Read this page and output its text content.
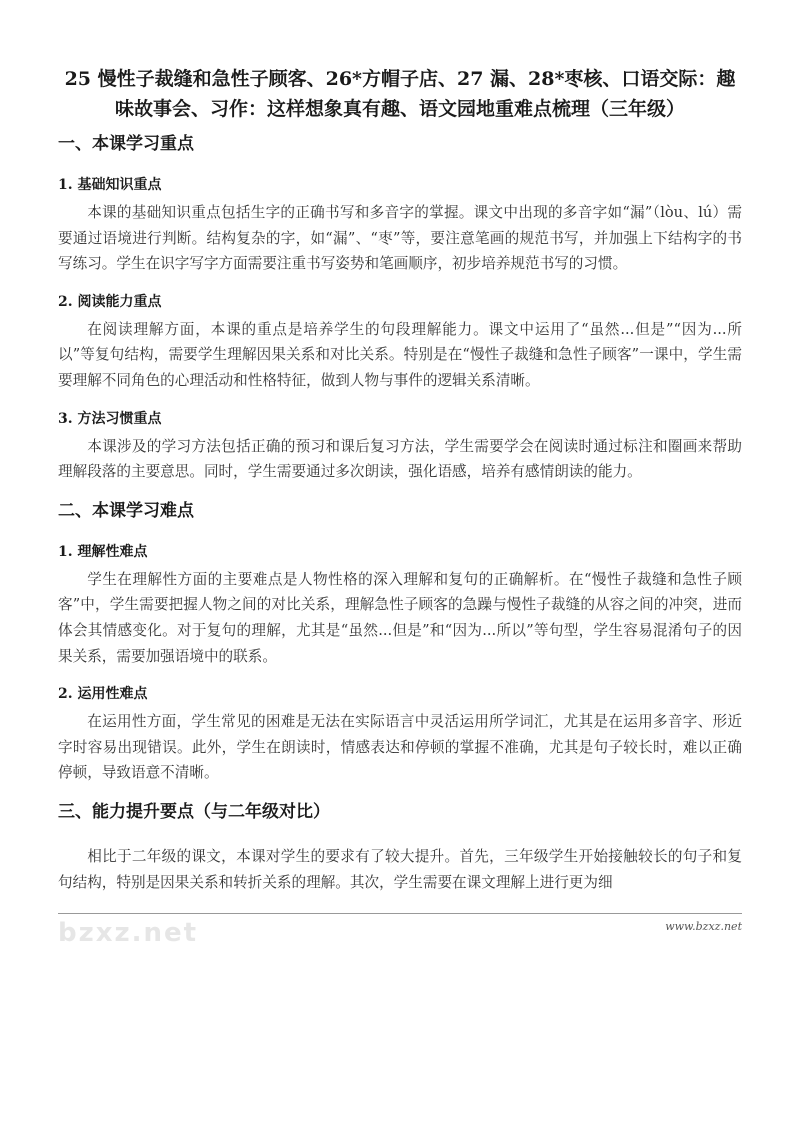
25 慢性子裁缝和急性子顾客、26*方帽子店、27 漏、28*枣核、口语交际：趣味故事会、习作：这样想象真有趣、语文园地重难点梳理（三年级）
一、本课学习重点
1. 基础知识重点
本课的基础知识重点包括生字的正确书写和多音字的掌握。课文中出现的多音字如“漏”（lòu、lú）需要通过语境进行判断。结构复杂的字，如“漏”、“枣”等，要注意笔画的规范书写，并加强上下结构字的书写练习。学生在识字写字方面需要注重书写姿势和笔画顺序，初步培养规范书写的习惯。
2. 阅读能力重点
在阅读理解方面，本课的重点是培养学生的句段理解能力。课文中运用了“虽然...但是”“因为...所以”等复句结构，需要学生理解因果关系和对比关系。特别是在“慢性子裁缝和急性子顾客”一课中，学生需要理解不同角色的心理活动和性格特征，做到人物与事件的逻辑关系清晰。
3. 方法习惯重点
本课涉及的学习方法包括正确的预习和课后复习方法，学生需要学会在阅读时通过标注和圈画来帮助理解段落的主要意思。同时，学生需要通过多次朗读，强化语感，培养有感情朗读的能力。
二、本课学习难点
1. 理解性难点
学生在理解性方面的主要难点是人物性格的深入理解和复句的正确解析。在“慢性子裁缝和急性子顾客”中，学生需要把握人物之间的对比关系，理解急性子顾客的急躁与慢性子裁缝的从容之间的冲突，进而体会其情感变化。对于复句的理解，尤其是“虽然...但是”和“因为...所以”等句型，学生容易混淆句子的因果关系，需要加强语境中的联系。
2. 运用性难点
在运用性方面，学生常见的困难是无法在实际语言中灵活运用所学词汇，尤其是在运用多音字、形近字时容易出现错误。此外，学生在朗读时，情感表达和停顿的掌握不准确，尤其是句子较长时，难以正确停顿，导致语意不清晰。
三、能力提升要点（与二年级对比）
相比于二年级的课文，本课对学生的要求有了较大提升。首先，三年级学生开始接触较长的句子和复句结构，特别是因果关系和转折关系的理解。其次，学生需要在课文理解上进行更为细
bzxz.net	www.bzxz.net
